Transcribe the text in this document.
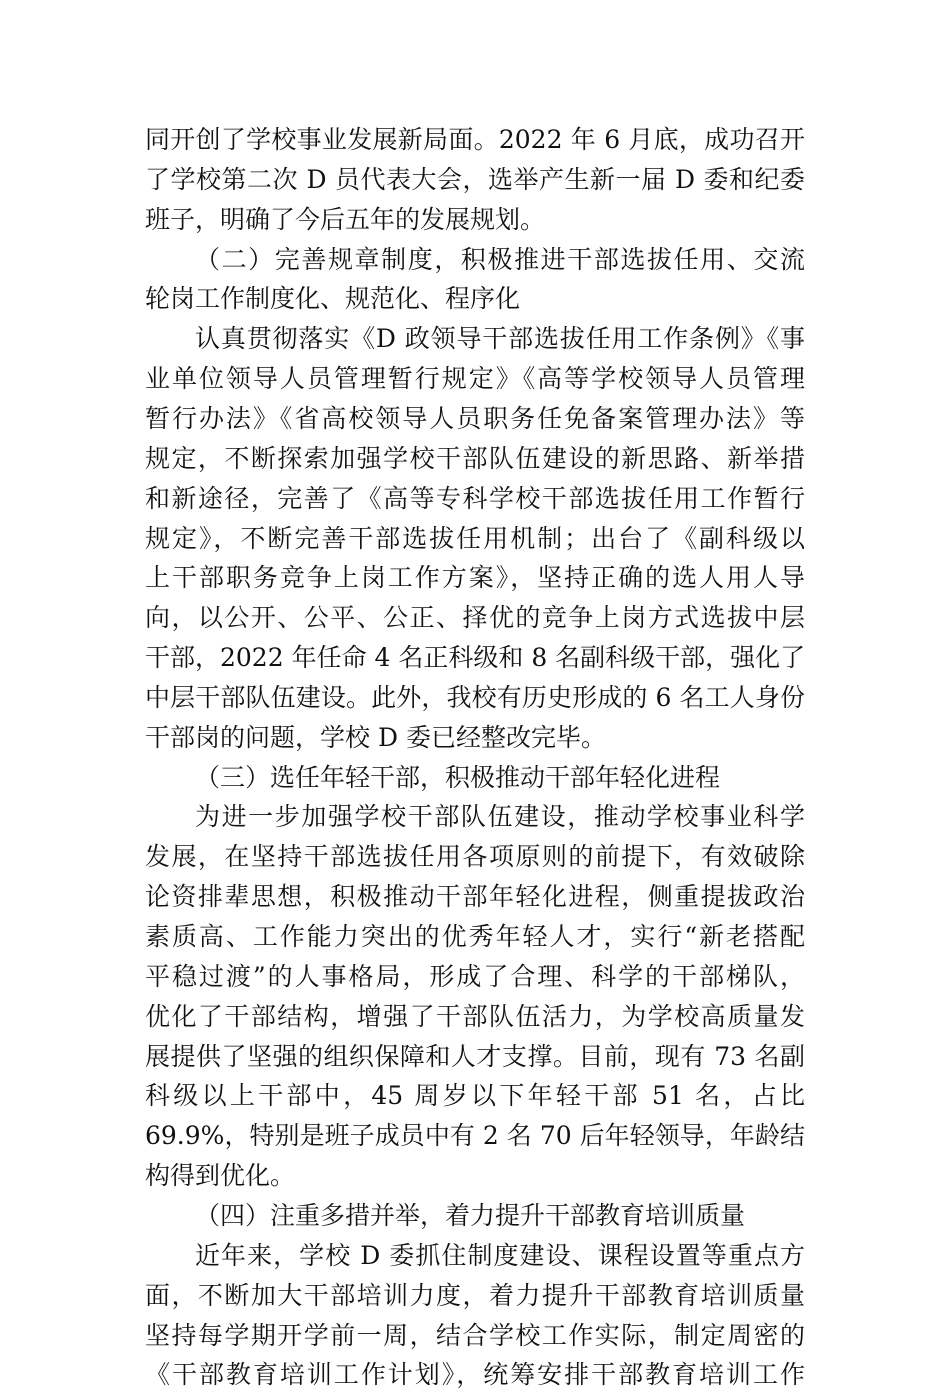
同开创了学校事业发展新局面。2022 年 6 月底，成功召开
了学校第二次 D 员代表大会，选举产生新一届 D 委和纪委
班子，明确了今后五年的发展规划。
（二）完善规章制度，积极推进干部选拔任用、交流
轮岗工作制度化、规范化、程序化
认真贯彻落实《D 政领导干部选拔任用工作条例》《事
业单位领导人员管理暂行规定》《高等学校领导人员管理
暂行办法》《省高校领导人员职务任免备案管理办法》等
规定，不断探索加强学校干部队伍建设的新思路、新举措
和新途径，完善了《高等专科学校干部选拔任用工作暂行
规定》，不断完善干部选拔任用机制；出台了《副科级以
上干部职务竞争上岗工作方案》，坚持正确的选人用人导
向，以公开、公平、公正、择优的竞争上岗方式选拔中层
干部，2022 年任命 4 名正科级和 8 名副科级干部，强化了
中层干部队伍建设。此外，我校有历史形成的 6 名工人身份
干部岗的问题，学校 D 委已经整改完毕。
（三）选任年轻干部，积极推动干部年轻化进程
为进一步加强学校干部队伍建设，推动学校事业科学
发展，在坚持干部选拔任用各项原则的前提下，有效破除
论资排辈思想，积极推动干部年轻化进程，侧重提拔政治
素质高、工作能力突出的优秀年轻人才，实行“新老搭配
平稳过渡”的人事格局，形成了合理、科学的干部梯队，
优化了干部结构，增强了干部队伍活力，为学校高质量发
展提供了坚强的组织保障和人才支撑。目前，现有 73 名副
科级以上干部中，45 周岁以下年轻干部 51 名，占比
69.9%，特别是班子成员中有 2 名 70 后年轻领导，年龄结
构得到优化。
（四）注重多措并举，着力提升干部教育培训质量
近年来，学校 D 委抓住制度建设、课程设置等重点方
面，不断加大干部培训力度，着力提升干部教育培训质量
坚持每学期开学前一周，结合学校工作实际，制定周密的
《干部教育培训工作计划》，统筹安排干部教育培训工作
